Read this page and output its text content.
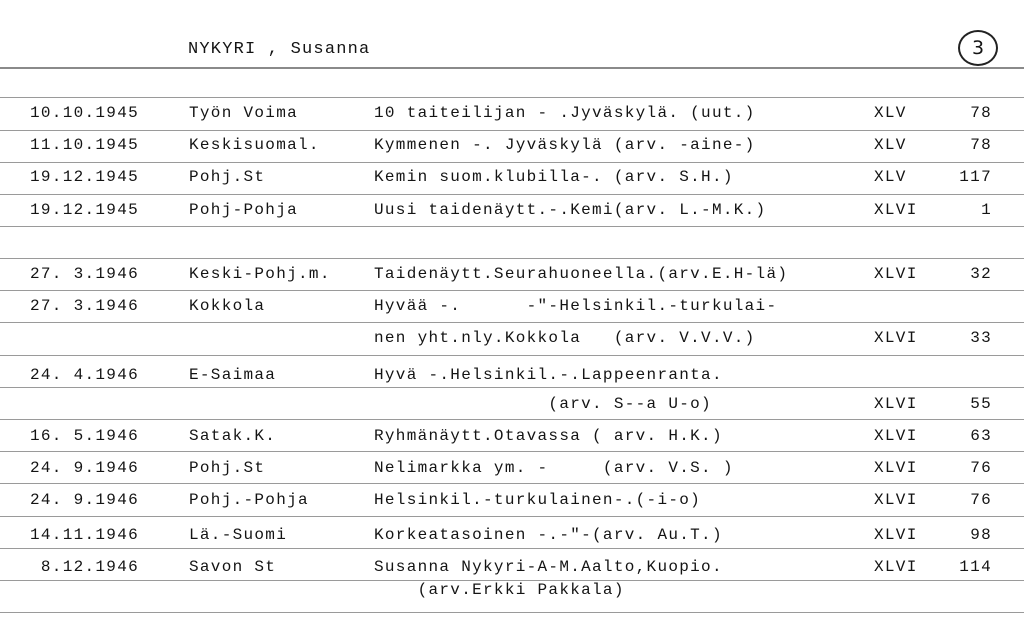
NYKYRI , Susanna	3
10.10.1945	Työn Voima	10 taiteilijan - .Jyväskylä. (uut.)	XLV	78
11.10.1945	Keskisuomal.	Kymmenen -. Jyväskylä (arv. -aine-)	XLV	78
19.12.1945	Pohj.St	Kemin suom.klubilla-. (arv. S.H.)	XLV	117
19.12.1945	Pohj-Pohja	Uusi taidenäytt.-.Kemi(arv. L.-M.K.)	XLVI	1
27. 3.1946	Keski-Pohj.m.	Taidenäytt.Seurahuoneella.(arv.E.H-lä)	XLVI	32
27. 3.1946	Kokkola	Hyvää -.      -"-Helsinkil.-turkulai-
nen yht.nly.Kokkola   (arv. V.V.V.)	XLVI	33
24. 4.1946	E-Saimaa	Hyvä -.Helsinkil.-.Lappeenranta.
(arv. S--a U-o)	XLVI	55
16. 5.1946	Satak.K.	Ryhmänäytt.Otavassa ( arv. H.K.)	XLVI	63
24. 9.1946	Pohj.St	Nelimarkka ym. -     (arv. V.S. )	XLVI	76
24. 9.1946	Pohj.-Pohja	Helsinkil.-turkulainen-.(-i-o)	XLVI	76
14.11.1946	Lä.-Suomi	Korkeatasoinen -.-"-(arv. Au.T.)	XLVI	98
8.12.1946	Savon St	Susanna Nykyri-A-M.Aalto,Kuopio.	XLVI	114
(arv.Erkki Pakkala)
